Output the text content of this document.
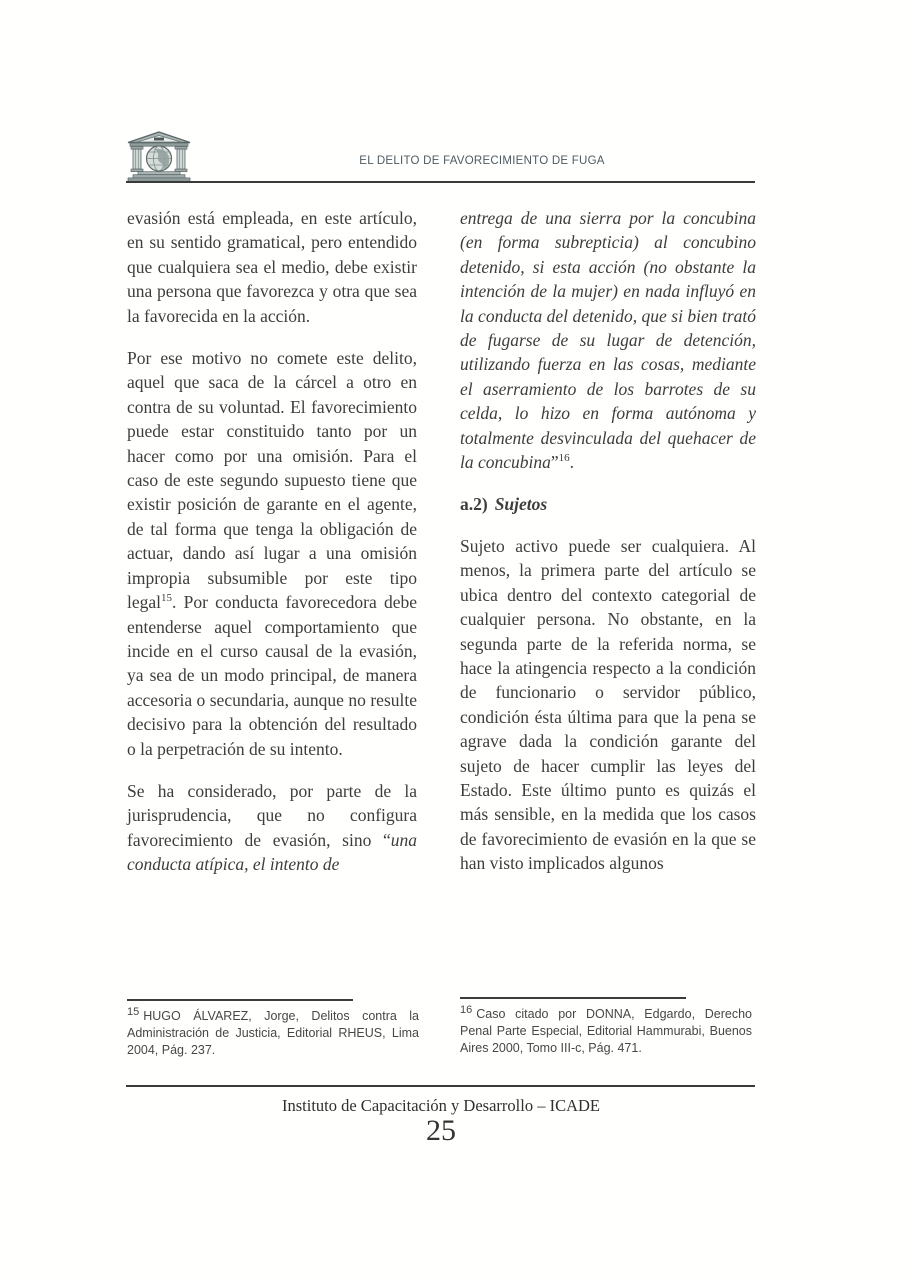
EL DELITO DE FAVORECIMIENTO DE FUGA

evasión está empleada, en este artículo, en su sentido gramatical, pero entendido que cualquiera sea el medio, debe existir una persona que favorezca y otra que sea la favorecida en la acción.

Por ese motivo no comete este delito, aquel que saca de la cárcel a otro en contra de su voluntad. El favorecimiento puede estar constituido tanto por un hacer como por una omisión. Para el caso de este segundo supuesto tiene que existir posición de garante en el agente, de tal forma que tenga la obligación de actuar, dando así lugar a una omisión impropia subsumible por este tipo legal$^{15}$. Por conducta favorecedora debe entenderse aquel comportamiento que incide en el curso causal de la evasión, ya sea de un modo principal, de manera accesoria o secundaria, aunque no resulte decisivo para la obtención del resultado o la perpetración de su intento.

Se ha considerado, por parte de la jurisprudencia, que no configura favorecimiento de evasión, sino “una conducta atípica, el intento de

entrega de una sierra por la concubina (en forma subrepticia) al concubino detenido, si esta acción (no obstante la intención de la mujer) en nada influyó en la conducta del detenido, que si bien trató de fugarse de su lugar de detención, utilizando fuerza en las cosas, mediante el aserramiento de los barrotes de su celda, lo hizo en forma autónoma y totalmente desvinculada del quehacer de la concubina”$^{16}$.

a.2) Sujetos

Sujeto activo puede ser cualquiera. Al menos, la primera parte del artículo se ubica dentro del contexto categorial de cualquier persona. No obstante, en la segunda parte de la referida norma, se hace la atingencia respecto a la condición de funcionario o servidor público, condición ésta última para que la pena se agrave dada la condición garante del sujeto de hacer cumplir las leyes del Estado. Este último punto es quizás el más sensible, en la medida que los casos de favorecimiento de evasión en la que se han visto implicados algunos

$^{15}$ HUGO ÁLVAREZ, Jorge, Delitos contra la Administración de Justicia, Editorial RHEUS, Lima 2004, Pág. 237.
$^{16}$ Caso citado por DONNA, Edgardo, Derecho Penal Parte Especial, Editorial Hammurabi, Buenos Aires 2000, Tomo III-c, Pág. 471.
Instituto de Capacitación y Desarrollo – ICADE
25
